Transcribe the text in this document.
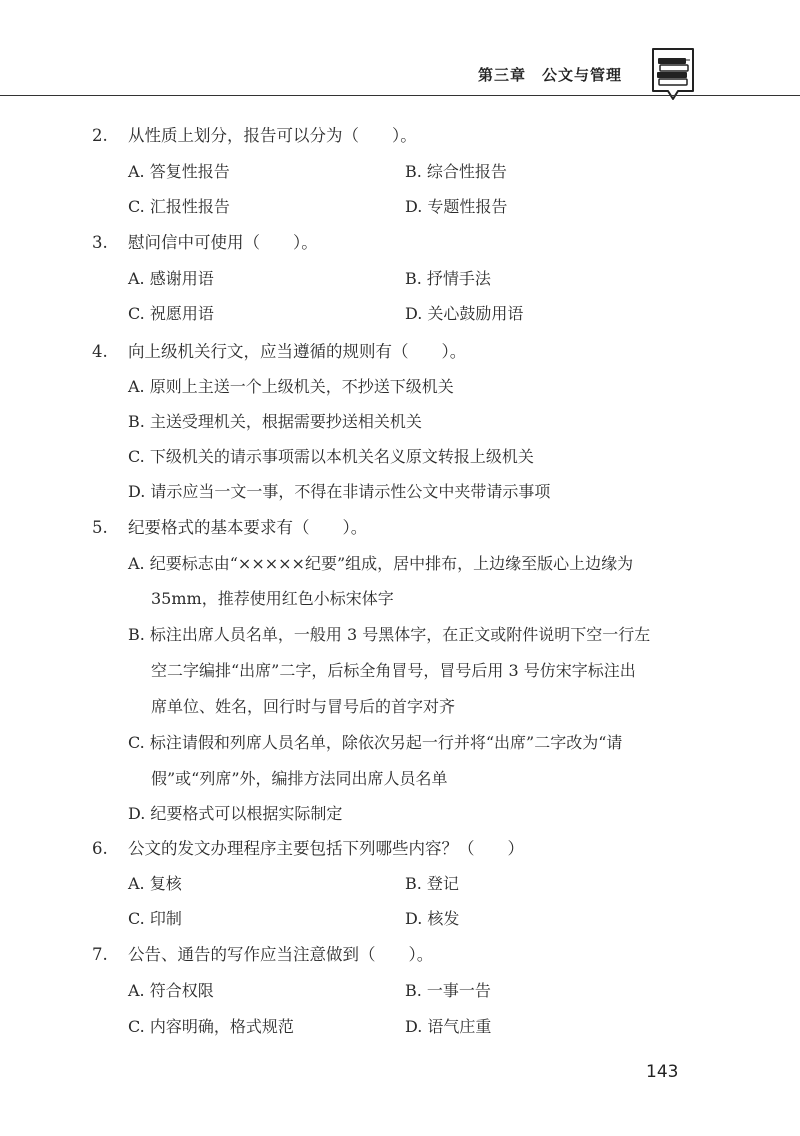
第三章 公文与管理
2. 从性质上划分，报告可以分为（　　）。
A. 答复性报告	B. 综合性报告
C. 汇报性报告	D. 专题性报告
3. 慰问信中可使用（　　）。
A. 感谢用语	B. 抒情手法
C. 祝愿用语	D. 关心鼓励用语
4. 向上级机关行文，应当遵循的规则有（　　）。
A. 原则上主送一个上级机关，不抄送下级机关
B. 主送受理机关，根据需要抄送相关机关
C. 下级机关的请示事项需以本机关名义原文转报上级机关
D. 请示应当一文一事，不得在非请示性公文中夹带请示事项
5. 纪要格式的基本要求有（　　）。
A. 纪要标志由“×××××纪要”组成，居中排布，上边缘至版心上边缘为
35mm，推荐使用红色小标宋体字
B. 标注出席人员名单，一般用 3 号黑体字，在正文或附件说明下空一行左
空二字编排“出席”二字，后标全角冒号，冒号后用 3 号仿宋字标注出
席单位、姓名，回行时与冒号后的首字对齐
C. 标注请假和列席人员名单，除依次另起一行并将“出席”二字改为“请
假”或“列席”外，编排方法同出席人员名单
D. 纪要格式可以根据实际制定
6. 公文的发文办理程序主要包括下列哪些内容？（　　）
A. 复核	B. 登记
C. 印制	D. 核发
7. 公告、通告的写作应当注意做到（　　）。
A. 符合权限	B. 一事一告
C. 内容明确，格式规范	D. 语气庄重
143
